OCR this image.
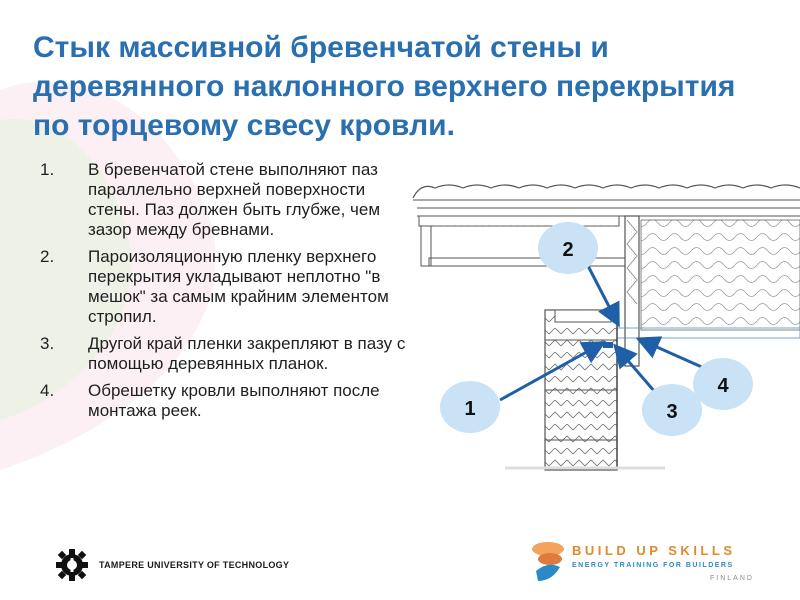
Стык массивной бревенчатой стены и деревянного наклонного верхнего перекрытия по торцевому свесу кровли.
1. В бревенчатой стене выполняют паз параллельно верхней поверхности стены. Паз должен быть глубже, чем зазор между бревнами.
2. Пароизоляционную пленку верхнего перекрытия укладывают неплотно "в мешок" за самым крайним элементом стропил.
3. Другой край пленки закрепляют в пазу с помощью деревянных планок.
4. Обрешетку кровли выполняют после монтажа реек.	1
2
3
4
TAMPERE UNIVERSITY OF TECHNOLOGY
BUILD UP SKILLS
ENERGY TRAINING FOR BUILDERS
FINLAND
